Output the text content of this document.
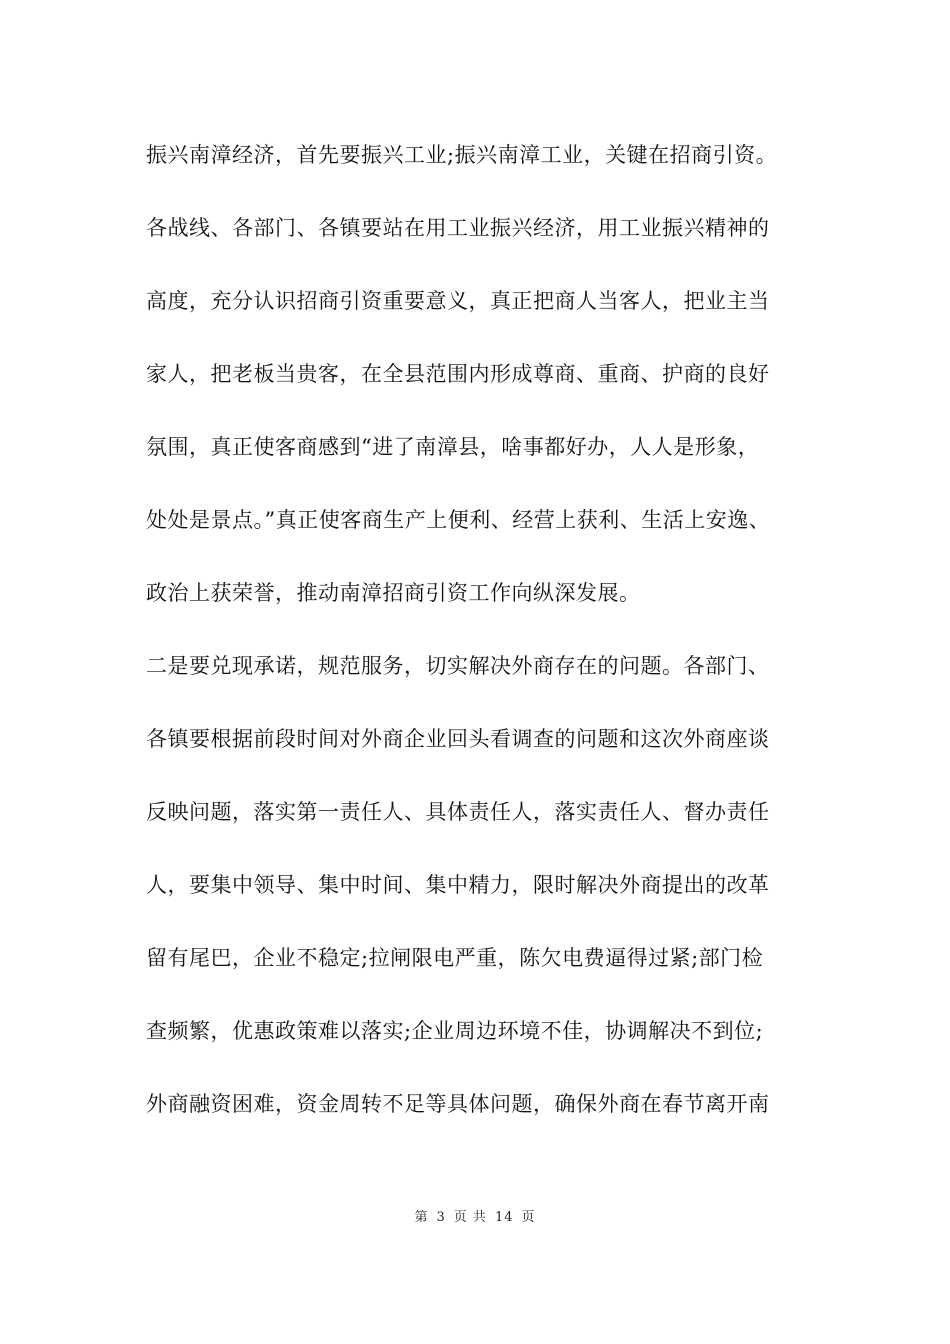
振兴南漳经济，首先要振兴工业;振兴南漳工业，关键在招商引资。
各战线、各部门、各镇要站在用工业振兴经济，用工业振兴精神的
高度，充分认识招商引资重要意义，真正把商人当客人，把业主当
家人，把老板当贵客，在全县范围内形成尊商、重商、护商的良好
氛围，真正使客商感到“进了南漳县，啥事都好办，人人是形象，
处处是景点。”真正使客商生产上便利、经营上获利、生活上安逸、
政治上获荣誉，推动南漳招商引资工作向纵深发展。
二是要兑现承诺，规范服务，切实解决外商存在的问题。各部门、
各镇要根据前段时间对外商企业回头看调查的问题和这次外商座谈
反映问题，落实第一责任人、具体责任人，落实责任人、督办责任
人，要集中领导、集中时间、集中精力，限时解决外商提出的改革
留有尾巴，企业不稳定;拉闸限电严重，陈欠电费逼得过紧;部门检
查频繁，优惠政策难以落实;企业周边环境不佳，协调解决不到位;
外商融资困难，资金周转不足等具体问题，确保外商在春节离开南
第 3 页 共 14 页
